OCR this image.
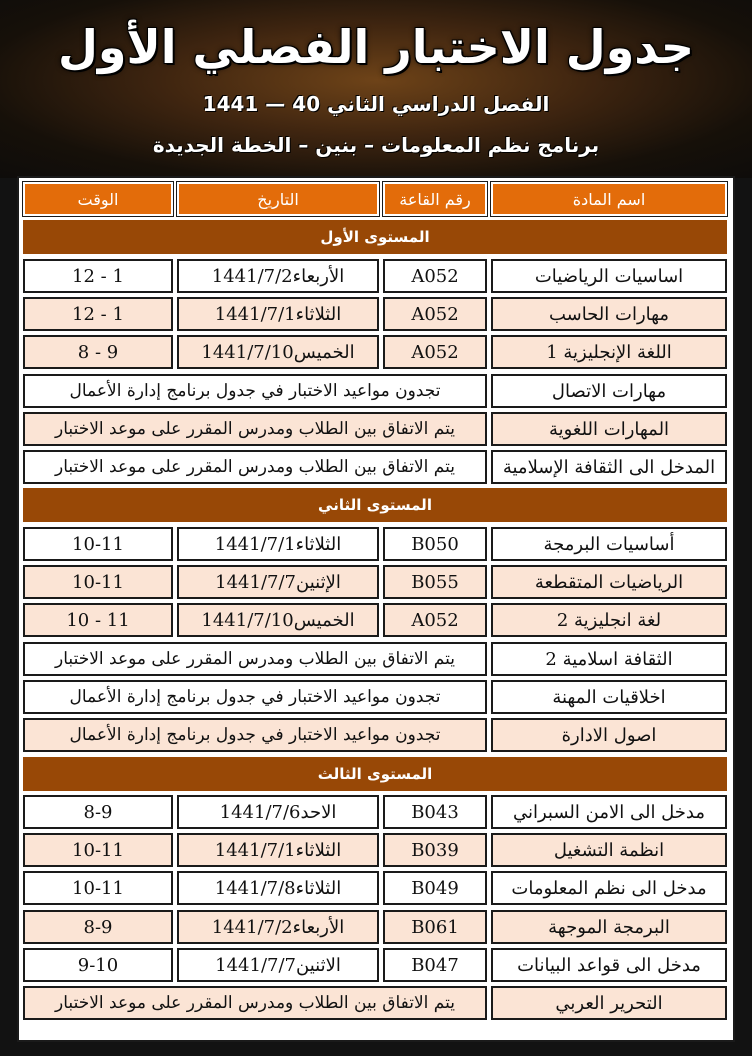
جدول الاختبار الفصلي الأول
الفصل الدراسي الثاني 40 — 1441
برنامج نظم المعلومات – بنين – الخطة الجديدة
اسم المادة
رقم القاعة
التاريخ
الوقت
المستوى الأول
اساسيات الرياضيات
A052
الأربعاء
1441/7/2
12 - 1
مهارات الحاسب
A052
الثلاثاء
1441/7/1
12 - 1
اللغة الإنجليزية 1
A052
الخميس
1441/7/10
8 - 9
مهارات الاتصال
تجدون مواعيد الاختبار في جدول برنامج إدارة الأعمال
المهارات اللغوية
يتم الاتفاق بين الطلاب ومدرس المقرر على موعد الاختبار
المدخل الى الثقافة الإسلامية
يتم الاتفاق بين الطلاب ومدرس المقرر على موعد الاختبار
المستوى الثاني
أساسيات البرمجة
B050
الثلاثاء
1441/7/1
10-11
الرياضيات المتقطعة
B055
الإثنين
1441/7/7
10-11
لغة انجليزية 2
A052
الخميس
1441/7/10
10 - 11
الثقافة اسلامية 2
يتم الاتفاق بين الطلاب ومدرس المقرر على موعد الاختبار
اخلاقيات المهنة
تجدون مواعيد الاختبار في جدول برنامج إدارة الأعمال
اصول الادارة
تجدون مواعيد الاختبار في جدول برنامج إدارة الأعمال
المستوى الثالث
مدخل الى الامن السبراني
B043
الاحد
1441/7/6
8-9
انظمة التشغيل
B039
الثلاثاء
1441/7/1
10-11
مدخل الى نظم المعلومات
B049
الثلاثاء
1441/7/8
10-11
البرمجة الموجهة
B061
الأربعاء
1441/7/2
8-9
مدخل الى قواعد البيانات
B047
الاثنين
1441/7/7
9-10
التحرير العربي
يتم الاتفاق بين الطلاب ومدرس المقرر على موعد الاختبار
